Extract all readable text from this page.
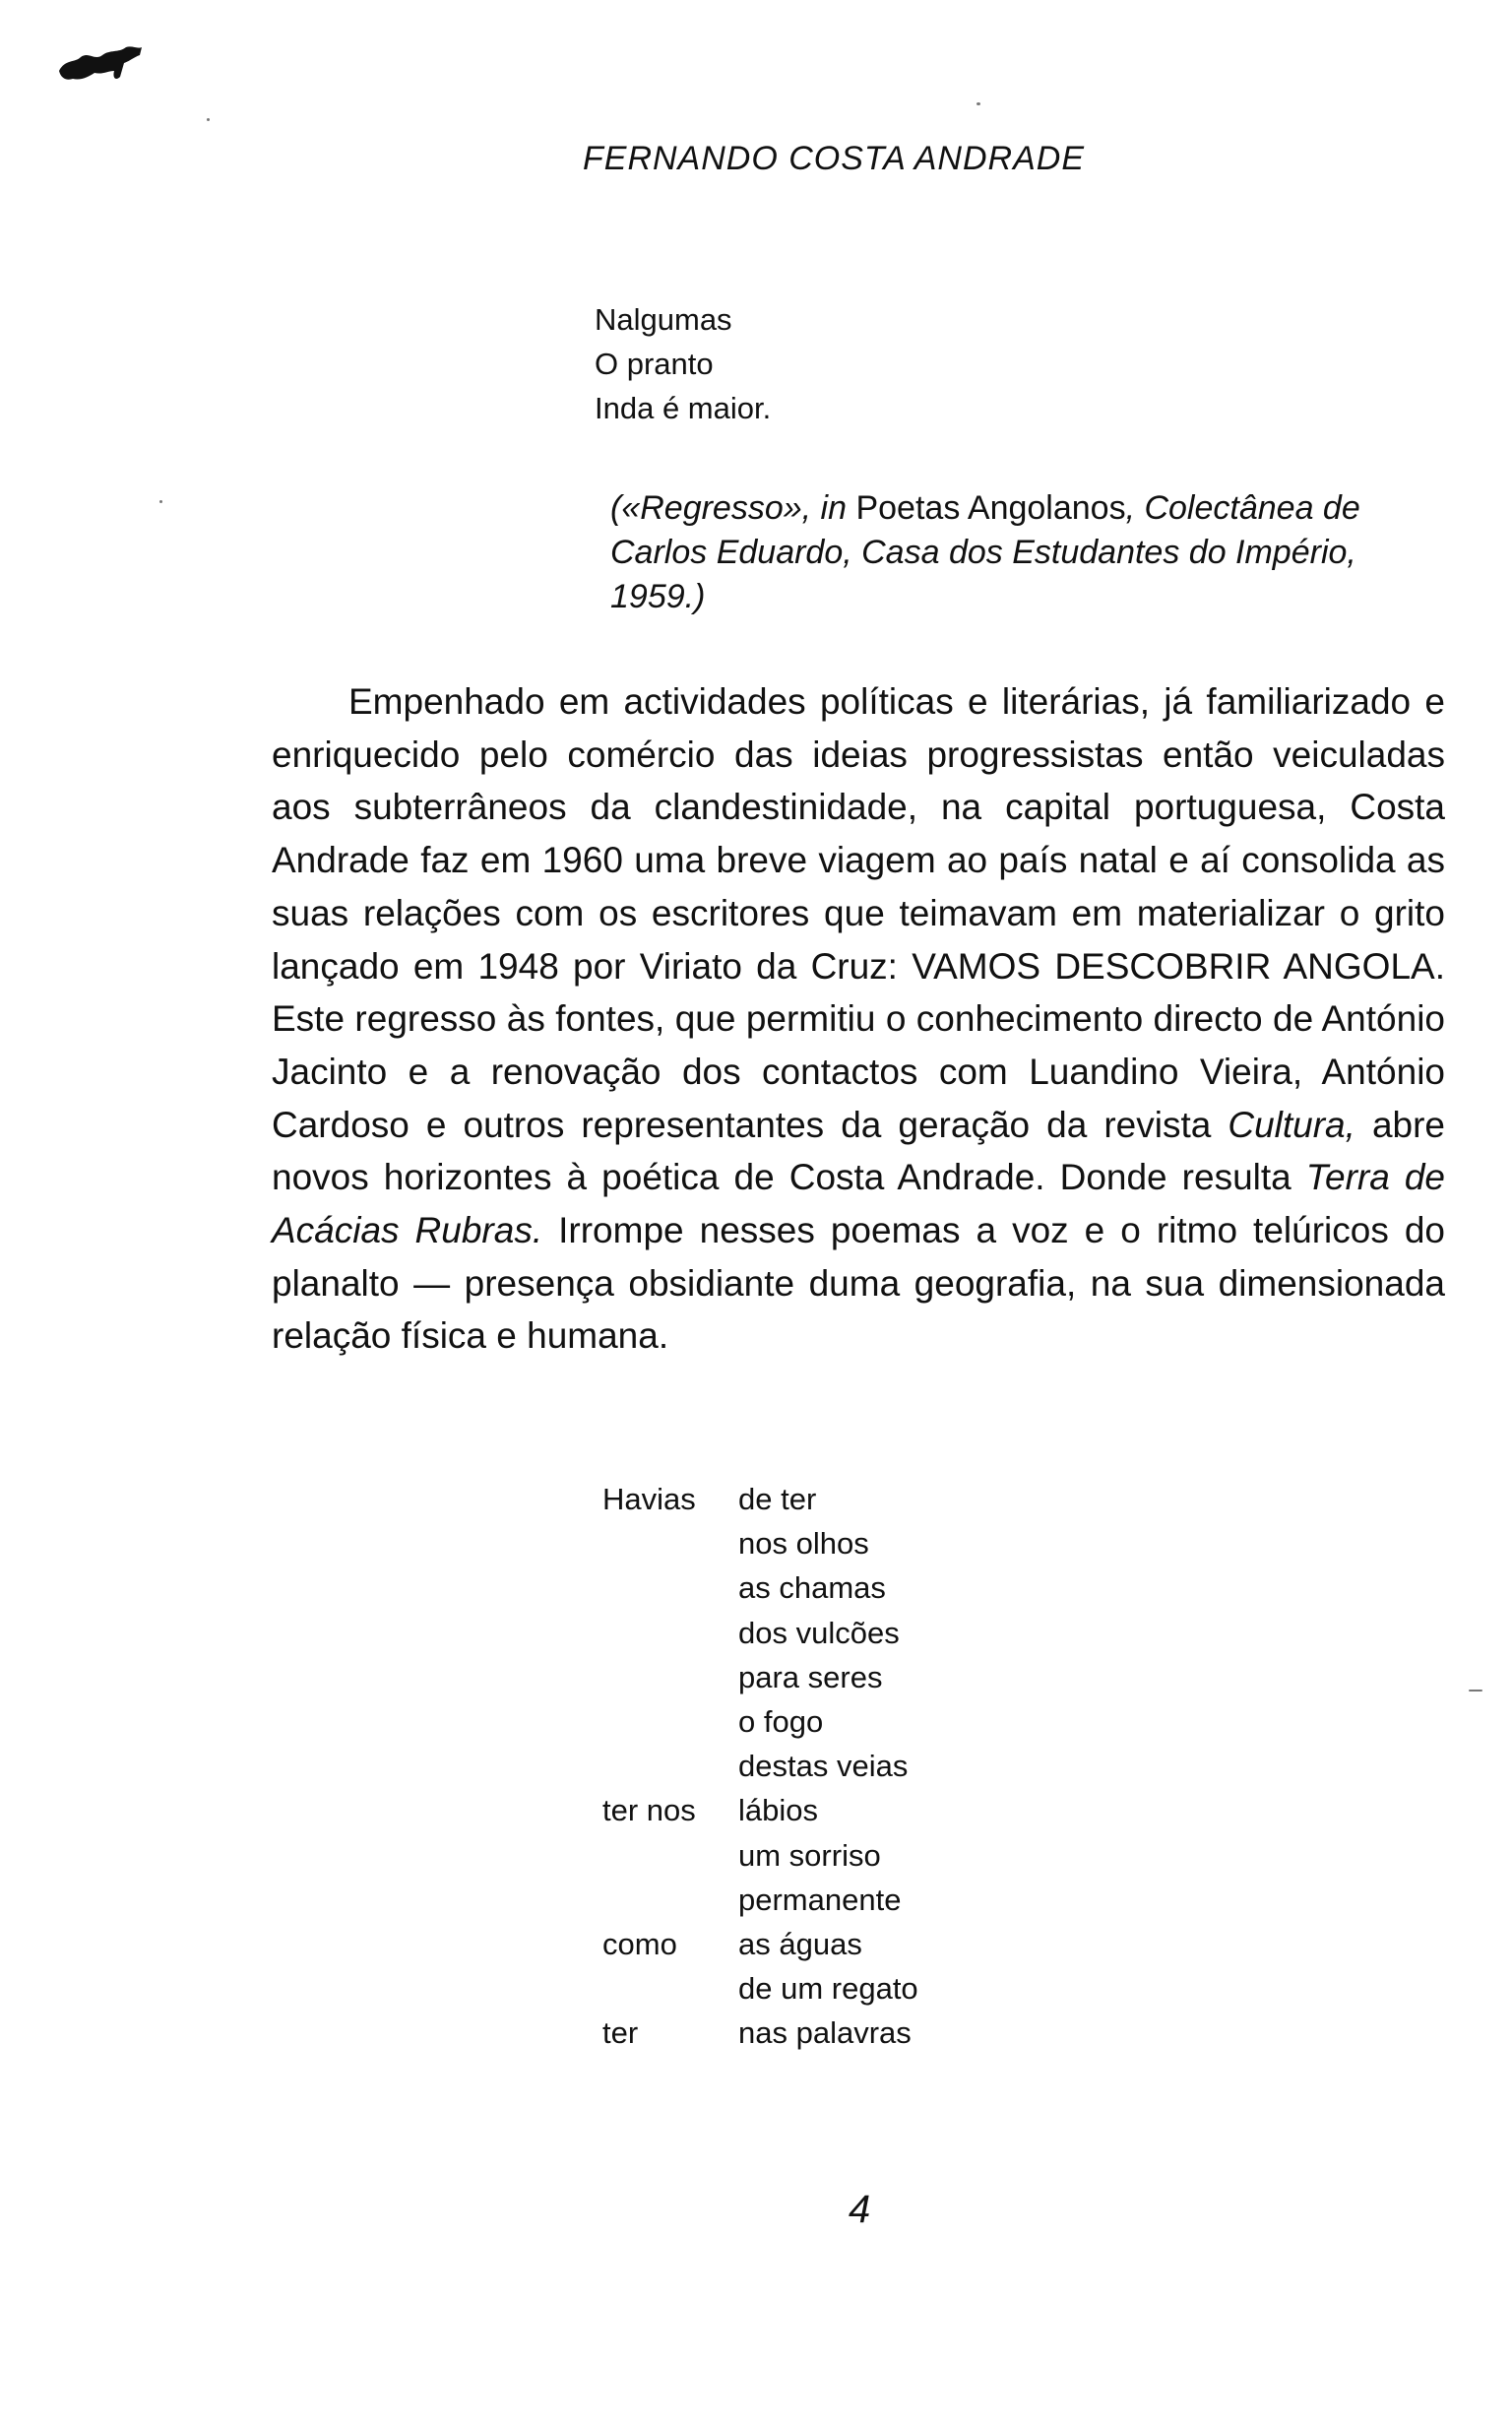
FERNANDO COSTA ANDRADE
Nalgumas
O pranto
Inda é maior.
(«Regresso», in Poetas Angolanos, Colectânea de Carlos Eduardo, Casa dos Estudantes do Império, 1959.)
Empenhado em actividades políticas e literárias, já familiarizado e enriquecido pelo comércio das ideias progressistas então veiculadas aos subterrâneos da clandestinidade, na capital portuguesa, Costa Andrade faz em 1960 uma breve viagem ao país natal e aí consolida as suas relações com os escritores que teimavam em materializar o grito lançado em 1948 por Viriato da Cruz: VAMOS DESCOBRIR ANGOLA. Este regresso às fontes, que permitiu o conhecimento directo de António Jacinto e a renovação dos contactos com Luandino Vieira, António Cardoso e outros representantes da geração da revista Cultura, abre novos horizontes à poética de Costa Andrade. Donde resulta Terra de Acácias Rubras. Irrompe nesses poemas a voz e o ritmo telúricos do planalto — presença obsidiante duma geografia, na sua dimensionada relação física e humana.
Havias	de ter
nos olhos
as chamas
dos vulcões
para seres
o fogo
destas veias
ter nos	lábios
um sorriso
permanente
como	as águas
de um regato
ter	nas palavras
4
